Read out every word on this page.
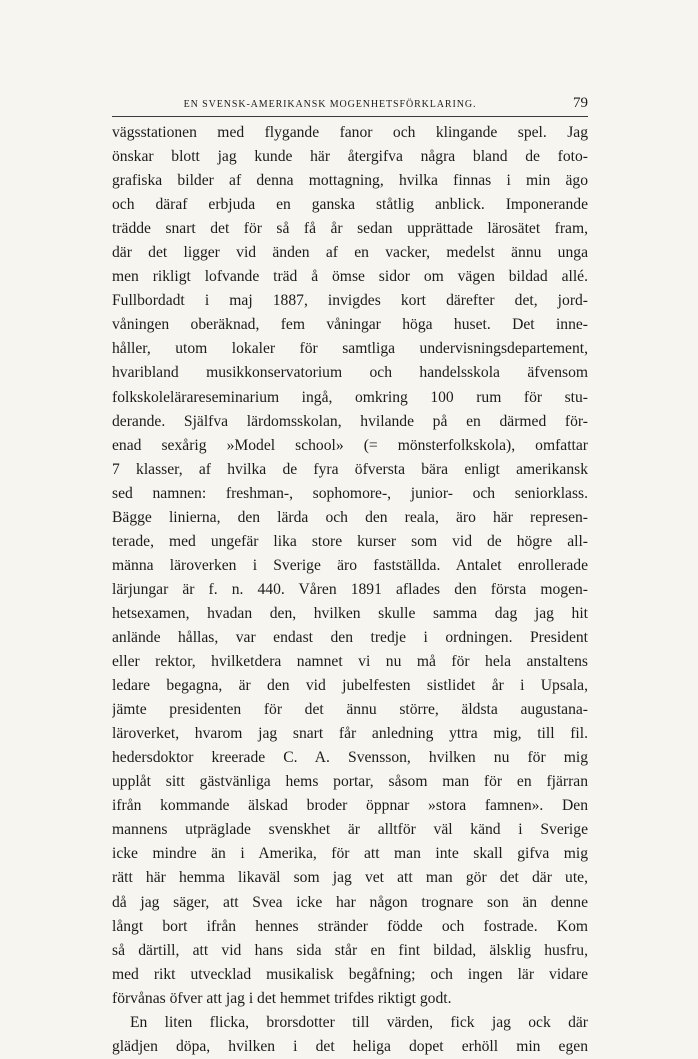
EN SVENSK-AMERIKANSK MOGENHETSFÖRKLARING.	79
vägsstationen med flygande fanor och klingande spel. Jag
önskar blott jag kunde här återgifva några bland de foto-
grafiska bilder af denna mottagning, hvilka finnas i min ägo
och däraf erbjuda en ganska ståtlig anblick. Imponerande
trädde snart det för så få år sedan upprättade lärosätet fram,
där det ligger vid änden af en vacker, medelst ännu unga
men rikligt lofvande träd å ömse sidor om vägen bildad allé.
Fullbordadt i maj 1887, invigdes kort därefter det, jord-
våningen oberäknad, fem våningar höga huset. Det inne-
håller, utom lokaler för samtliga undervisningsdepartement,
hvaribland musikkonservatorium och handelsskola äfvensom
folkskolelärareseminarium ingå, omkring 100 rum för stu-
derande. Själfva lärdomsskolan, hvilande på en därmed för-
enad sexårig »Model school» (= mönsterfolkskola), omfattar
7 klasser, af hvilka de fyra öfversta bära enligt amerikansk
sed namnen: freshman-, sophomore-, junior- och seniorklass.
Bägge linierna, den lärda och den reala, äro här represen-
terade, med ungefär lika store kurser som vid de högre all-
männa läroverken i Sverige äro fastställda. Antalet enrollerade
lärjungar är f. n. 440. Våren 1891 aflades den första mogen-
hetsexamen, hvadan den, hvilken skulle samma dag jag hit
anlände hållas, var endast den tredje i ordningen. President
eller rektor, hvilketdera namnet vi nu må för hela anstaltens
ledare begagna, är den vid jubelfesten sistlidet år i Upsala,
jämte presidenten för det ännu större, äldsta augustana-
läroverket, hvarom jag snart får anledning yttra mig, till fil.
hedersdoktor kreerade C. A. Svensson, hvilken nu för mig
upplåt sitt gästvänliga hems portar, såsom man för en fjärran
ifrån kommande älskad broder öppnar »stora famnen». Den
mannens utpräglade svenskhet är alltför väl känd i Sverige
icke mindre än i Amerika, för att man inte skall gifva mig
rätt här hemma likaväl som jag vet att man gör det där ute,
då jag säger, att Svea icke har någon trognare son än denne
långt bort ifrån hennes stränder födde och fostrade. Kom
så därtill, att vid hans sida står en fint bildad, älsklig husfru,
med rikt utvecklad musikalisk begåfning; och ingen lär vidare
förvånas öfver att jag i det hemmet trifdes riktigt godt.
En liten flicka, brorsdotter till värden, fick jag ock där
glädjen döpa, hvilken i det heliga dopet erhöll min egen
